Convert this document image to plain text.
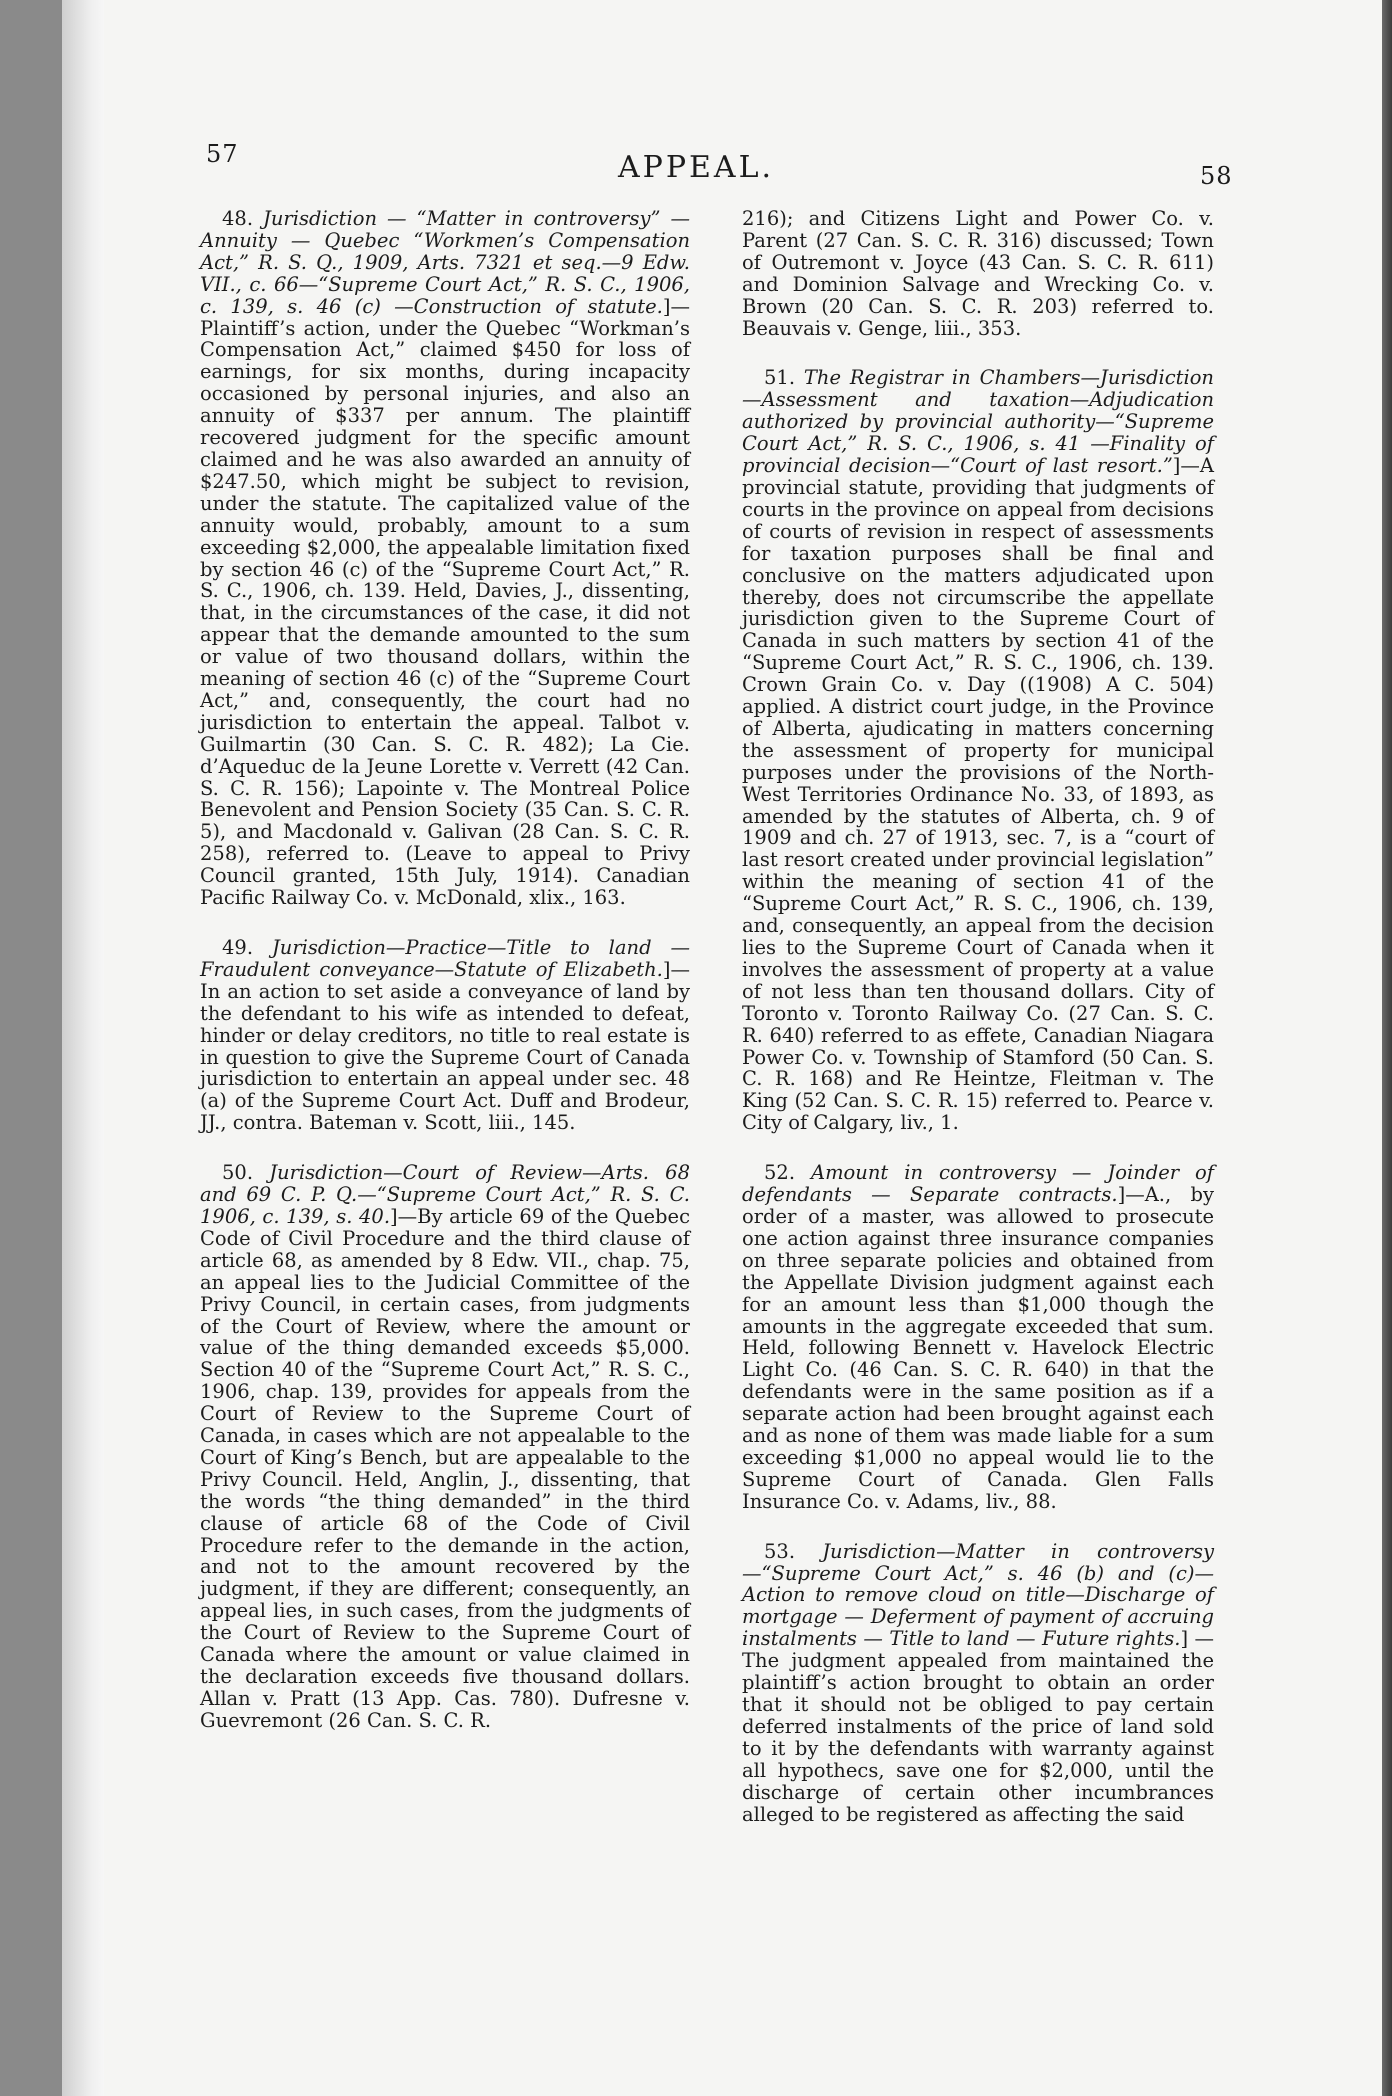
57	APPEAL.	58
48. Jurisdiction — “Matter in controversy” — Annuity — Quebec “Workmen’s Compensation Act,” R. S. Q., 1909, Arts. 7321 et seq.—9 Edw. VII., c. 66—“Supreme Court Act,” R. S. C., 1906, c. 139, s. 46 (c) —Construction of statute.]—Plaintiff’s action, under the Quebec “Workman’s Compensation Act,” claimed $450 for loss of earnings, for six months, during incapacity occasioned by personal injuries, and also an annuity of $337 per annum. The plaintiff recovered judgment for the specific amount claimed and he was also awarded an annuity of $247.50, which might be subject to revision, under the statute. The capitalized value of the annuity would, probably, amount to a sum exceeding $2,000, the appealable limitation fixed by section 46 (c) of the “Supreme Court Act,” R. S. C., 1906, ch. 139. Held, Davies, J., dissenting, that, in the circumstances of the case, it did not appear that the demande amounted to the sum or value of two thousand dollars, within the meaning of section 46 (c) of the “Supreme Court Act,” and, consequently, the court had no jurisdiction to entertain the appeal. Talbot v. Guilmartin (30 Can. S. C. R. 482); La Cie. d’Aqueduc de la Jeune Lorette v. Verrett (42 Can. S. C. R. 156); Lapointe v. The Montreal Police Benevolent and Pension Society (35 Can. S. C. R. 5), and Macdonald v. Galivan (28 Can. S. C. R. 258), referred to. (Leave to appeal to Privy Council granted, 15th July, 1914). Canadian Pacific Railway Co. v. McDonald, xlix., 163.
49. Jurisdiction—Practice—Title to land —Fraudulent conveyance—Statute of Elizabeth.]—In an action to set aside a conveyance of land by the defendant to his wife as intended to defeat, hinder or delay creditors, no title to real estate is in question to give the Supreme Court of Canada jurisdiction to entertain an appeal under sec. 48 (a) of the Supreme Court Act. Duff and Brodeur, JJ., contra. Bateman v. Scott, liii., 145.
50. Jurisdiction—Court of Review—Arts. 68 and 69 C. P. Q.—“Supreme Court Act,” R. S. C. 1906, c. 139, s. 40.]—By article 69 of the Quebec Code of Civil Procedure and the third clause of article 68, as amended by 8 Edw. VII., chap. 75, an appeal lies to the Judicial Committee of the Privy Council, in certain cases, from judgments of the Court of Review, where the amount or value of the thing demanded exceeds $5,000. Section 40 of the “Supreme Court Act,” R. S. C., 1906, chap. 139, provides for appeals from the Court of Review to the Supreme Court of Canada, in cases which are not appealable to the Court of King’s Bench, but are appealable to the Privy Council. Held, Anglin, J., dissenting, that the words “the thing demanded” in the third clause of article 68 of the Code of Civil Procedure refer to the demande in the action, and not to the amount recovered by the judgment, if they are different; consequently, an appeal lies, in such cases, from the judgments of the Court of Review to the Supreme Court of Canada where the amount or value claimed in the declaration exceeds five thousand dollars. Allan v. Pratt (13 App. Cas. 780). Dufresne v. Guevremont (26 Can. S. C. R.
216); and Citizens Light and Power Co. v. Parent (27 Can. S. C. R. 316) discussed; Town of Outremont v. Joyce (43 Can. S. C. R. 611) and Dominion Salvage and Wrecking Co. v. Brown (20 Can. S. C. R. 203) referred to. Beauvais v. Genge, liii., 353.
51. The Registrar in Chambers—Jurisdiction—Assessment and taxation—Adjudication authorized by provincial authority—“Supreme Court Act,” R. S. C., 1906, s. 41 —Finality of provincial decision—“Court of last resort.”]—A provincial statute, providing that judgments of courts in the province on appeal from decisions of courts of revision in respect of assessments for taxation purposes shall be final and conclusive on the matters adjudicated upon thereby, does not circumscribe the appellate jurisdiction given to the Supreme Court of Canada in such matters by section 41 of the “Supreme Court Act,” R. S. C., 1906, ch. 139. Crown Grain Co. v. Day ((1908) A C. 504) applied. A district court judge, in the Province of Alberta, ajudicating in matters concerning the assessment of property for municipal purposes under the provisions of the North-West Territories Ordinance No. 33, of 1893, as amended by the statutes of Alberta, ch. 9 of 1909 and ch. 27 of 1913, sec. 7, is a “court of last resort created under provincial legislation” within the meaning of section 41 of the “Supreme Court Act,” R. S. C., 1906, ch. 139, and, consequently, an appeal from the decision lies to the Supreme Court of Canada when it involves the assessment of property at a value of not less than ten thousand dollars. City of Toronto v. Toronto Railway Co. (27 Can. S. C. R. 640) referred to as effete, Canadian Niagara Power Co. v. Township of Stamford (50 Can. S. C. R. 168) and Re Heintze, Fleitman v. The King (52 Can. S. C. R. 15) referred to. Pearce v. City of Calgary, liv., 1.
52. Amount in controversy — Joinder of defendants — Separate contracts.]—A., by order of a master, was allowed to prosecute one action against three insurance companies on three separate policies and obtained from the Appellate Division judgment against each for an amount less than $1,000 though the amounts in the aggregate exceeded that sum. Held, following Bennett v. Havelock Electric Light Co. (46 Can. S. C. R. 640) in that the defendants were in the same position as if a separate action had been brought against each and as none of them was made liable for a sum exceeding $1,000 no appeal would lie to the Supreme Court of Canada. Glen Falls Insurance Co. v. Adams, liv., 88.
53. Jurisdiction—Matter in controversy—“Supreme Court Act,” s. 46 (b) and (c)—Action to remove cloud on title—Discharge of mortgage — Deferment of payment of accruing instalments — Title to land — Future rights.] — The judgment appealed from maintained the plaintiff’s action brought to obtain an order that it should not be obliged to pay certain deferred instalments of the price of land sold to it by the defendants with warranty against all hypothecs, save one for $2,000, until the discharge of certain other incumbrances alleged to be registered as affecting the said
